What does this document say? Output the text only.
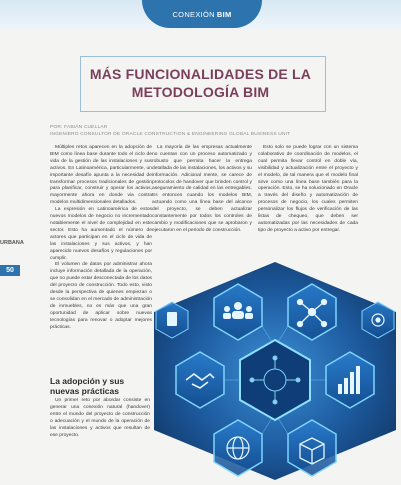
CONEXIÓN BIM
MÁS FUNCIONALIDADES DE LA
METODOLOGÍA BIM
POR: FABIÁN CUELLAR
INGENIERO CONSULTOR DE ORACLE CONSTRUCTION & ENGINEERING GLOBAL BUSINESS UNIT
URBANA
50

Múltiples retos aparecen en la adopción de BIM como línea base durante todo el ciclo de vida de la gestión de las instalaciones y sus activos. En Latinoamérica, particularmente, un importante desafío apunta a la necesidad de transformar procesos tradicionales de gestión para planificar, construir y operar los activos, mayormente ahora en donde via contra modelos multidimensionales detallados.

La expresión en Latinoamérica de estos nuevos modelos de negocio no incrementado notablemente el nivel de complejidad en este sector. Esto ha aumentado el número de actores que participan en el ciclo de vida de las instalaciones y sus activos, y han aparecido nuevos desafíos y regulaciones por cumplir.

El volumen de datos por administrar ahora incluye información detallada de la operación, que no puede estar desconectada de los datos del proyecto de construcción. Todo esto, visto desde la perspectiva de quienes empiezan o se consolidan en el mercado de administración de inmuebles, no es más que una gran oportunidad de aplicar sobre nuevas tecnologías para renovar o adoptar mejores prácticas.

La mayoría de las empresas actualmente no cuentan con un proceso automatizado y robusto que permita hacer la entrega detallada de las instalaciones, los activos y su información. Adicional mente, se carece de protocolos de handover que brinden control y aseguramiento de calidad en las entregables. Es entonces cuando los modelos BIM, actuando como una línea base del alcance del proyecto, se deben actualizar constantemente por todos los controles de cambio y modificaciones que se aprobaron y ejecutaron en el periodo de construcción.

Esto solo se puede lograr con un sistema colaborativo de coordinación de modelos, el cual permita llevar control en doble vía, visibilidad y actualización entre el proyecto y el modelo, de tal manera que el modelo final sirve como una línea base también para la operación. Esto, se ha solucionado en Oracle a través del diseño y automatización de procesos de negocio, los cuales permiten personalizar los flujos de verificación de las listas de chequeo, que deben ser automatizadas por las necesidades de cada tipo de proyecto a activo por entregar.

La adopción y sus nuevas prácticas

Un primer reto por abordar consiste en generar una conexión natural (handover) entre el mundo del proyecto de construcción o adecuación y el mundo de la operación de las instalaciones y activos que resultan de ese proyecto.
